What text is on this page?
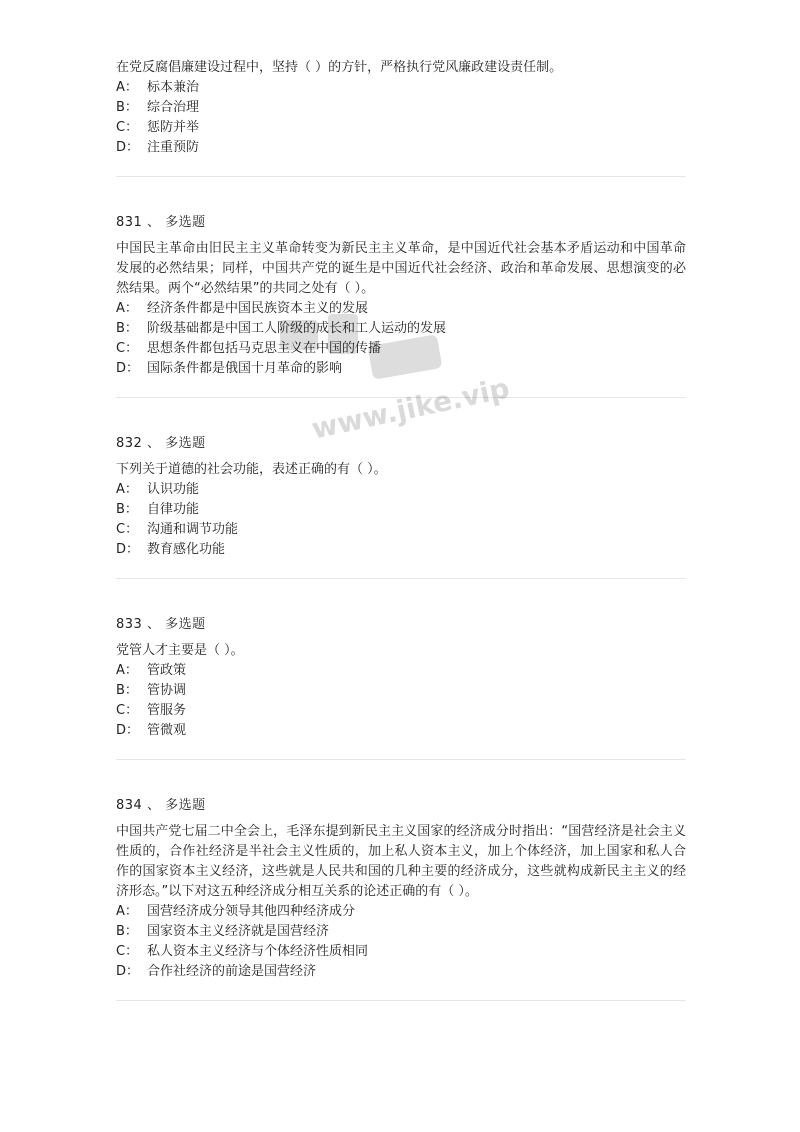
在党反腐倡廉建设过程中，坚持（ ）的方针，严格执行党风廉政建设责任制。

A： 标本兼治
B： 综合治理
C： 惩防并举
D： 注重预防
831 、 多选题

中国民主革命由旧民主主义革命转变为新民主主义革命，是中国近代社会基本矛盾运动和中国革命发展的必然结果；同样，中国共产党的诞生是中国近代社会经济、政治和革命发展、思想演变的必然结果。两个“必然结果”的共同之处有（ ）。

A： 经济条件都是中国民族资本主义的发展
B： 阶级基础都是中国工人阶级的成长和工人运动的发展
C： 思想条件都包括马克思主义在中国的传播
D： 国际条件都是俄国十月革命的影响
832 、 多选题

下列关于道德的社会功能，表述正确的有（ ）。

A： 认识功能
B： 自律功能
C： 沟通和调节功能
D： 教育感化功能
833 、 多选题

党管人才主要是（ ）。

A： 管政策
B： 管协调
C： 管服务
D： 管微观
834 、 多选题

中国共产党七届二中全会上，毛泽东提到新民主主义国家的经济成分时指出：“国营经济是社会主义性质的，合作社经济是半社会主义性质的，加上私人资本主义，加上个体经济，加上国家和私人合作的国家资本主义经济，这些就是人民共和国的几种主要的经济成分，这些就构成新民主主义的经济形态。”以下对这五种经济成分相互关系的论述正确的有（ ）。

A： 国营经济成分领导其他四种经济成分
B： 国家资本主义经济就是国营经济
C： 私人资本主义经济与个体经济性质相同
D： 合作社经济的前途是国营经济
www.jike.vip
